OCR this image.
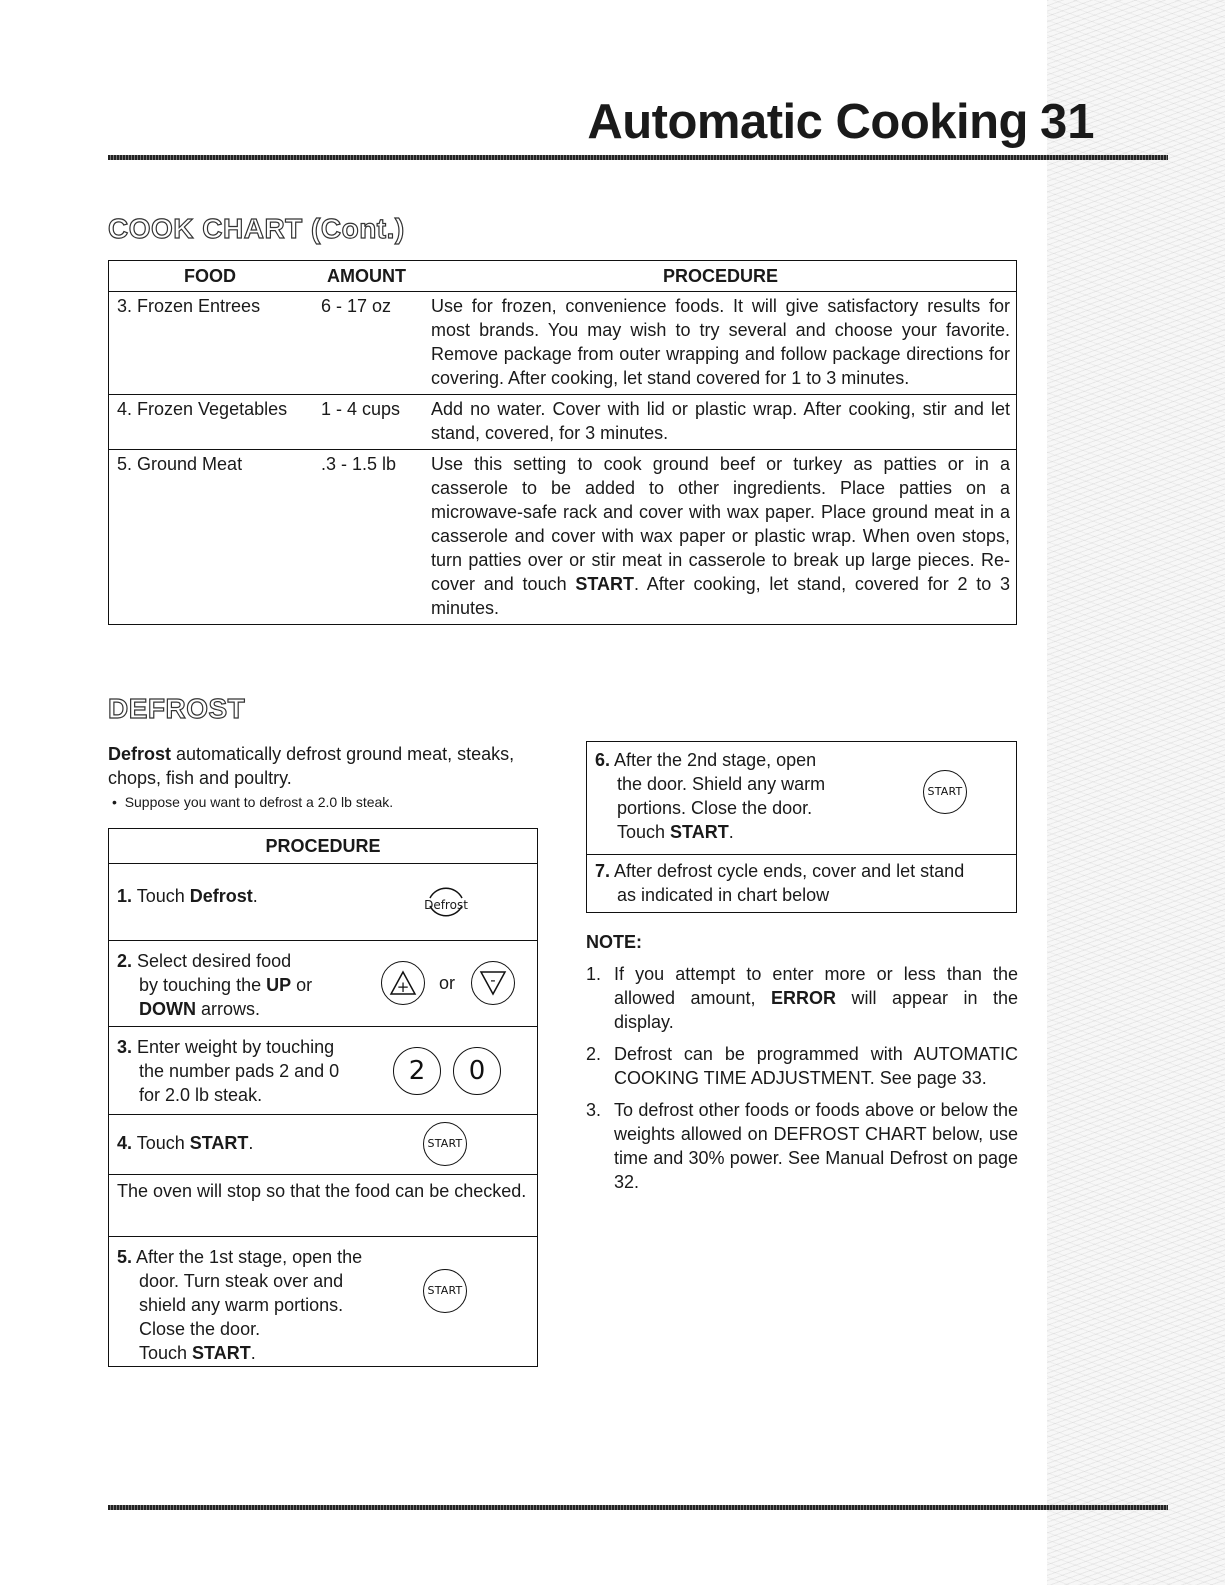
Automatic Cooking 31
COOK CHART (Cont.)
FOOD	AMOUNT	PROCEDURE
3. Frozen Entrees	6 - 17 oz	Use for frozen, convenience foods. It will give satisfactory results for most brands. You may wish to try several and choose your favorite. Remove package from outer wrapping and follow package directions for covering. After cooking, let stand covered for 1 to 3 minutes.
4. Frozen Vegetables	1 - 4 cups	Add no water. Cover with lid or plastic wrap. After cooking, stir and let stand, covered, for 3 minutes.
5. Ground Meat	.3 - 1.5 lb	Use this setting to cook ground beef or turkey as patties or in a casserole to be added to other ingredients. Place patties on a microwave-safe rack and cover with wax paper. Place ground meat in a casserole and cover with wax paper or plastic wrap. When oven stops, turn patties over or stir meat in casserole to break up large pieces. Re-cover and touch START. After cooking, let stand, covered for 2 to 3 minutes.
DEFROST
Defrost automatically defrost ground meat, steaks, chops, fish and poultry.
•  Suppose you want to defrost a 2.0 lb steak.
PROCEDURE
1. Touch Defrost.	Defrost
2. Select desired food
by touching the UP or
DOWN arrows.
+ or -
3. Enter weight by touching
the number pads 2 and 0
for 2.0 lb steak.
2	0
4. Touch START.	START
The oven will stop so that the food can be checked.
5. After the 1st stage, open the
door. Turn steak over and
shield any warm portions.
Close the door.
Touch START.
START
6. After the 2nd stage, open
the door. Shield any warm
portions. Close the door.
Touch START.
START
7. After defrost cycle ends, cover and let stand
as indicated in chart below
NOTE:
1. If you attempt to enter more or less than the allowed amount, ERROR will appear in the display.
2. Defrost can be programmed with AUTOMATIC COOKING TIME ADJUSTMENT. See page 33.
3. To defrost other foods or foods above or below the weights allowed on DEFROST CHART below, use time and 30% power. See Manual Defrost on page 32.
